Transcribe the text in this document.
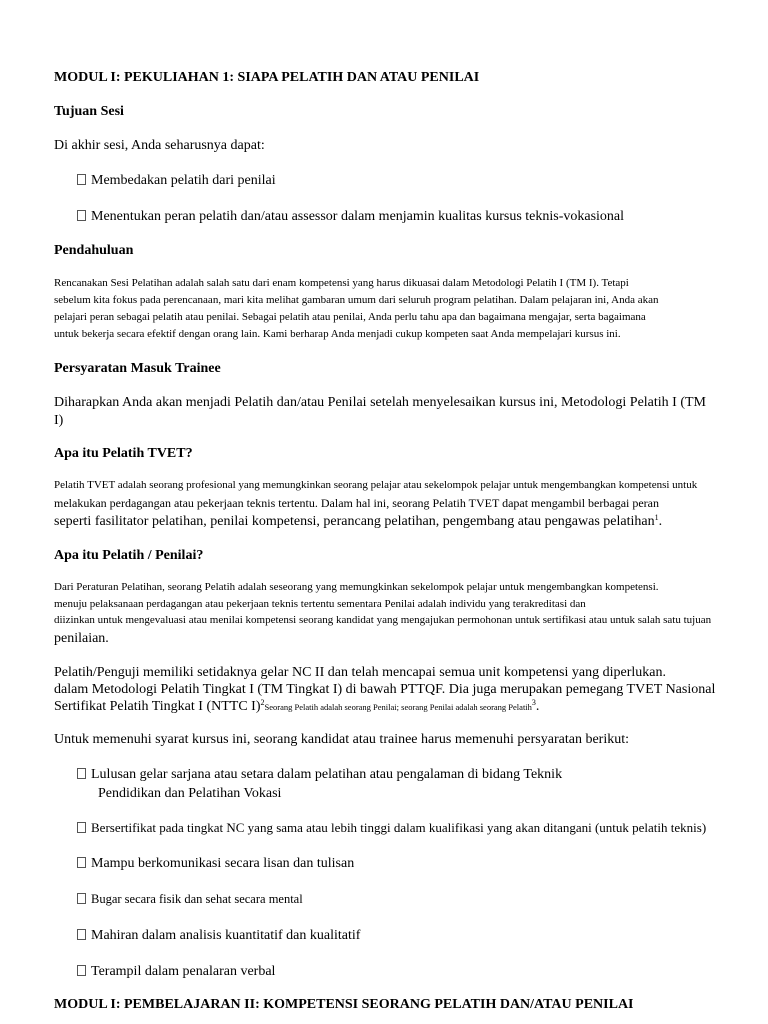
MODUL I: PEKULIAHAN 1: SIAPA PELATIH DAN ATAU PENILAI
Tujuan Sesi
Di akhir sesi, Anda seharusnya dapat:
Membedakan pelatih dari penilai
Menentukan peran pelatih dan/atau assessor dalam menjamin kualitas kursus teknis-vokasional
Pendahuluan
Rencanakan Sesi Pelatihan adalah salah satu dari enam kompetensi yang harus dikuasai dalam Metodologi Pelatih I (TM I). Tetapi
sebelum kita fokus pada perencanaan, mari kita melihat gambaran umum dari seluruh program pelatihan. Dalam pelajaran ini, Anda akan
pelajari peran sebagai pelatih atau penilai. Sebagai pelatih atau penilai, Anda perlu tahu apa dan bagaimana mengajar, serta bagaimana
untuk bekerja secara efektif dengan orang lain. Kami berharap Anda menjadi cukup kompeten saat Anda mempelajari kursus ini.
Persyaratan Masuk Trainee
Diharapkan Anda akan menjadi Pelatih dan/atau Penilai setelah menyelesaikan kursus ini, Metodologi Pelatih I (TM
I)
Apa itu Pelatih TVET?
Pelatih TVET adalah seorang profesional yang memungkinkan seorang pelajar atau sekelompok pelajar untuk mengembangkan kompetensi untuk
melakukan perdagangan atau pekerjaan teknis tertentu. Dalam hal ini, seorang Pelatih TVET dapat mengambil berbagai peran
seperti fasilitator pelatihan, penilai kompetensi, perancang pelatihan, pengembang atau pengawas pelatihan$^1$.
Apa itu Pelatih / Penilai?
Dari Peraturan Pelatihan, seorang Pelatih adalah seseorang yang memungkinkan sekelompok pelajar untuk mengembangkan kompetensi.
menuju pelaksanaan perdagangan atau pekerjaan teknis tertentu sementara Penilai adalah individu yang terakreditasi dan
diizinkan untuk mengevaluasi atau menilai kompetensi seorang kandidat yang mengajukan permohonan untuk sertifikasi atau untuk salah satu tujuan
penilaian.
Pelatih/Penguji memiliki setidaknya gelar NC II dan telah mencapai semua unit kompetensi yang diperlukan.
dalam Metodologi Pelatih Tingkat I (TM Tingkat I) di bawah PTTQF. Dia juga merupakan pemegang TVET Nasional
Sertifikat Pelatih Tingkat I (NTTC I)$^2$Seorang Pelatih adalah seorang Penilai; seorang Penilai adalah seorang Pelatih$^3$.
Untuk memenuhi syarat kursus ini, seorang kandidat atau trainee harus memenuhi persyaratan berikut:
Lulusan gelar sarjana atau setara dalam pelatihan atau pengalaman di bidang Teknik
Pendidikan dan Pelatihan Vokasi
Bersertifikat pada tingkat NC yang sama atau lebih tinggi dalam kualifikasi yang akan ditangani (untuk pelatih teknis)
Mampu berkomunikasi secara lisan dan tulisan
Bugar secara fisik dan sehat secara mental
Mahiran dalam analisis kuantitatif dan kualitatif
Terampil dalam penalaran verbal
MODUL I: PEMBELAJARAN II: KOMPETENSI SEORANG PELATIH DAN/ATAU PENILAI
